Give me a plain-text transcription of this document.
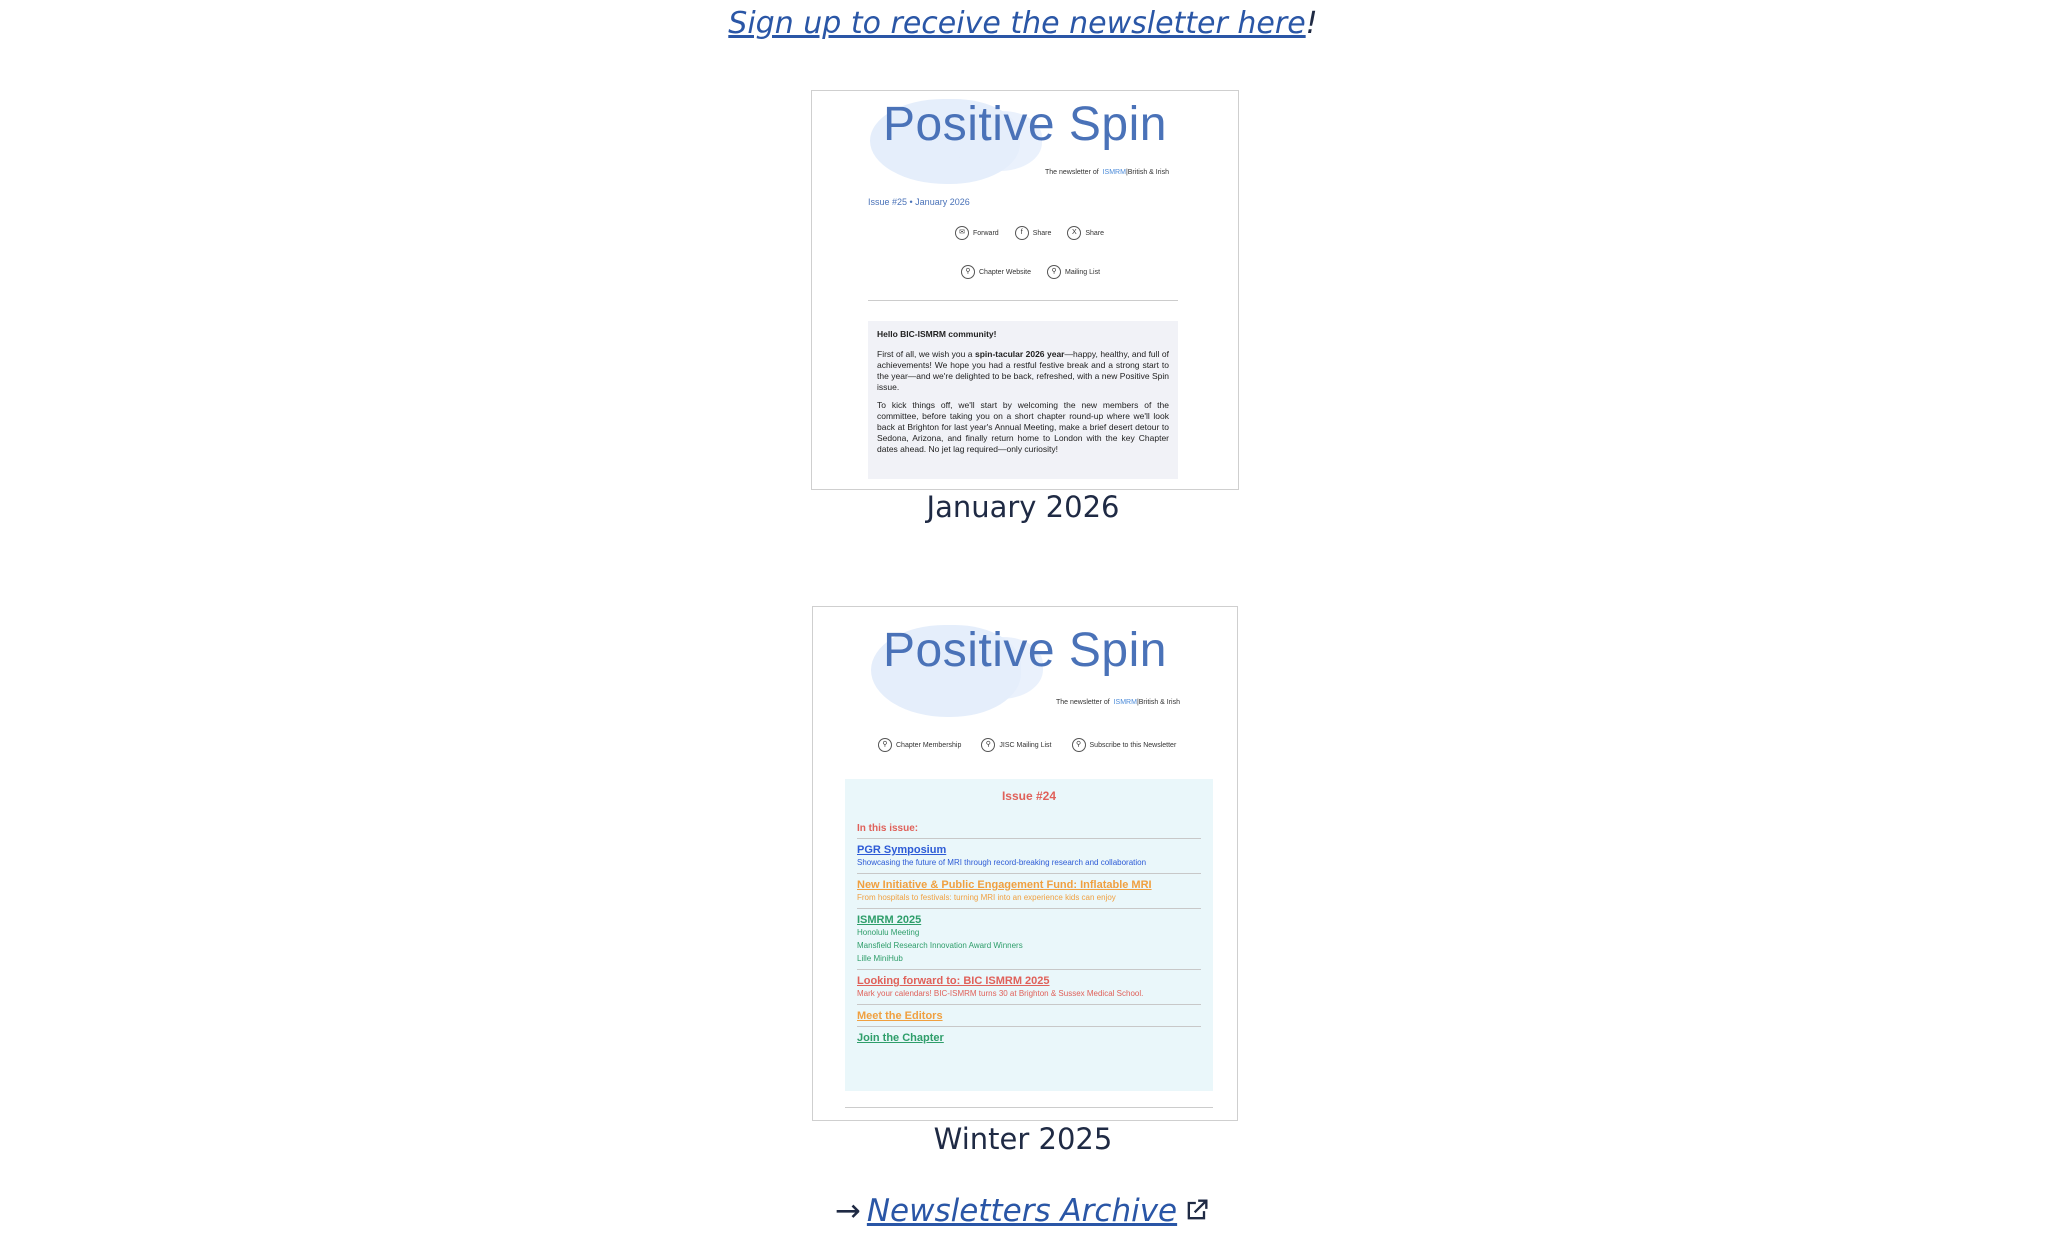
Sign up to receive the newsletter here!
Positive Spin
The newsletter of ISMRM|British & Irish
Issue #25 • January 2026
✉ Forward	f Share	X Share
⚲ Chapter Website	⚲ Mailing List

Hello BIC-ISMRM community!

First of all, we wish you a spin-tacular 2026 year—happy, healthy, and full of achievements! We hope you had a restful festive break and a strong start to the year—and we're delighted to be back, refreshed, with a new Positive Spin issue.

To kick things off, we'll start by welcoming the new members of the committee, before taking you on a short chapter round-up where we'll look back at Brighton for last year's Annual Meeting, make a brief desert detour to Sedona, Arizona, and finally return home to London with the key Chapter dates ahead. No jet lag required—only curiosity!

January 2026
Positive Spin
The newsletter of ISMRM|British & Irish
⚲ Chapter Membership	⚲ JISC Mailing List	⚲ Subscribe to this Newsletter
Issue #24
In this issue:
PGR Symposium
Showcasing the future of MRI through record-breaking research and collaboration
New Initiative & Public Engagement Fund: Inflatable MRI
From hospitals to festivals: turning MRI into an experience kids can enjoy
ISMRM 2025
Honolulu Meeting
Mansfield Research Innovation Award Winners
Lille MiniHub
Looking forward to: BIC ISMRM 2025
Mark your calendars! BIC-ISMRM turns 30 at Brighton & Sussex Medical School.
Meet the Editors
Join the Chapter
Winter 2025
→ Newsletters Archive
